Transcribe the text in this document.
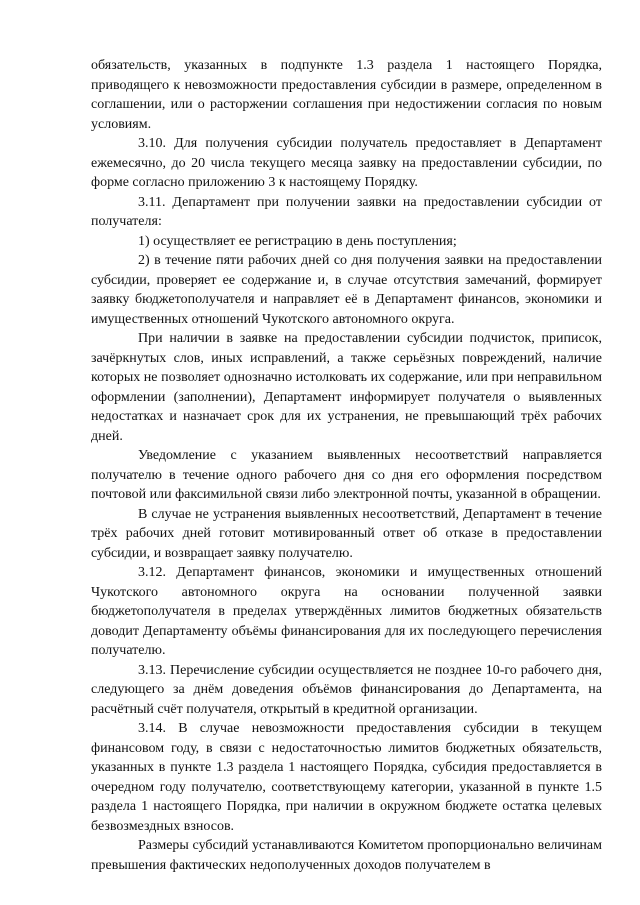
обязательств, указанных в подпункте 1.3 раздела 1 настоящего Порядка, приводящего к невозможности предоставления субсидии в размере, определенном в соглашении, или о расторжении соглашения при недостижении согласия по новым условиям.

3.10. Для получения субсидии получатель предоставляет в Департамент ежемесячно, до 20 числа текущего месяца заявку на предоставлении субсидии, по форме согласно приложению 3 к настоящему Порядку.

3.11. Департамент при получении заявки на предоставлении субсидии от получателя:

1) осуществляет ее регистрацию в день поступления;

2) в течение пяти рабочих дней со дня получения заявки на предоставлении субсидии, проверяет ее содержание и, в случае отсутствия замечаний, формирует заявку бюджетополучателя и направляет её в Департамент финансов, экономики и имущественных отношений Чукотского автономного округа.

При наличии в заявке на предоставлении субсидии подчисток, приписок, зачёркнутых слов, иных исправлений, а также серьёзных повреждений, наличие которых не позволяет однозначно истолковать их содержание, или при неправильном оформлении (заполнении), Департамент информирует получателя о выявленных недостатках и назначает срок для их устранения, не превышающий трёх рабочих дней.

Уведомление с указанием выявленных несоответствий направляется получателю в течение одного рабочего дня со дня его оформления посредством почтовой или факсимильной связи либо электронной почты, указанной в обращении.

В случае не устранения выявленных несоответствий, Департамент в течение трёх рабочих дней готовит мотивированный ответ об отказе в предоставлении субсидии, и возвращает заявку получателю.

3.12. Департамент финансов, экономики и имущественных отношений Чукотского автономного округа на основании полученной заявки бюджетополучателя в пределах утверждённых лимитов бюджетных обязательств доводит Департаменту объёмы финансирования для их последующего перечисления получателю.

3.13. Перечисление субсидии осуществляется не позднее 10-го рабочего дня, следующего за днём доведения объёмов финансирования до Департамента, на расчётный счёт получателя, открытый в кредитной организации.

3.14. В случае невозможности предоставления субсидии в текущем финансовом году, в связи с недостаточностью лимитов бюджетных обязательств, указанных в пункте 1.3 раздела 1 настоящего Порядка, субсидия предоставляется в очередном году получателю, соответствующему категории, указанной в пункте 1.5 раздела 1 настоящего Порядка, при наличии в окружном бюджете остатка целевых безвозмездных взносов.

Размеры субсидий устанавливаются Комитетом пропорционально величинам превышения фактических недополученных доходов получателем в
